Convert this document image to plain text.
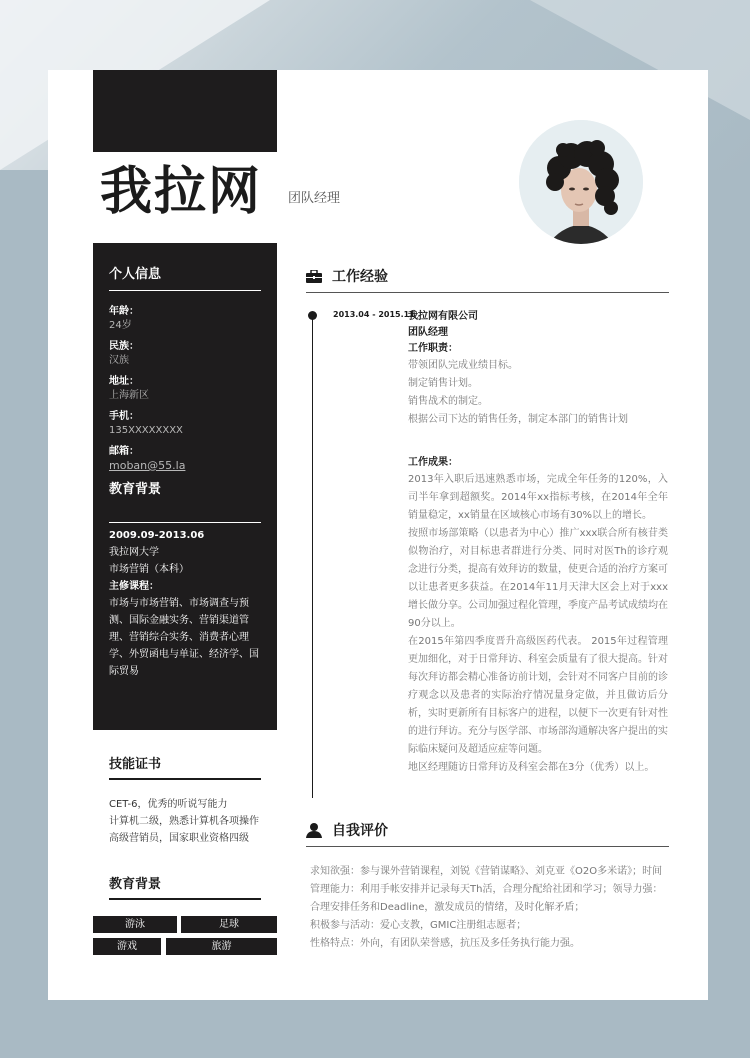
我拉网 团队经理
个人信息
年龄：
24岁
民族：
汉族
地址：
上海新区
手机：
135XXXXXXXX
邮箱：
moban@55.la
教育背景
2009.09-2013.06
我拉网大学
市场营销（本科）
主修课程：
市场与市场营销、市场调查与预测、国际金融实务、营销渠道管理、营销综合实务、消费者心理学、外贸函电与单证、经济学、国际贸易
技能证书
CET-6，优秀的听说写能力
计算机二级，熟悉计算机各项操作
高级营销员，国家职业资格四级
教育背景
游泳	足球
游戏	旅游
工作经验
2013.04 - 2015.11
我拉网有限公司
团队经理
工作职责：
带领团队完成业绩目标。
制定销售计划。
销售战术的制定。
根据公司下达的销售任务，制定本部门的销售计划
工作成果：
2013年入职后迅速熟悉市场，完成全年任务的120%，入司半年拿到超额奖。2014年xx指标考核，在2014年全年销量稳定，xx销量在区域核心市场有30%以上的增长。
按照市场部策略（以患者为中心）推广xxx联合所有核苷类似物治疗，对目标患者群进行分类、同时对医Th的诊疗观念进行分类，提高有效拜访的数量，使更合适的治疗方案可以让患者更多获益。在2014年11月天津大区会上对于xxx增长做分享。公司加强过程化管理，季度产品考试成绩均在 90分以上。
在2015年第四季度晋升高级医药代表。 2015年过程管理更加细化，对于日常拜访、科室会质量有了很大提高。针对每次拜访都会精心准备访前计划，会针对不同客户目前的诊疗观念以及患者的实际治疗情况量身定做，并且做访后分析，实时更新所有目标客户的进程，以便下一次更有针对性的进行拜访。充分与医学部、市场部沟通解决客户提出的实际临床疑问及超适应症等问题。
地区经理随访日常拜访及科室会都在3分（优秀）以上。
自我评价
求知欲强：参与课外营销课程，刘锐《营销谋略》、刘克亚《O2O多米诺》；时间管理能力：利用手帐安排并记录每天Th活，合理分配给社团和学习；领导力强：合理安排任务和Deadline，激发成员的情绪，及时化解矛盾；
积极参与活动：爱心支教，GMIC注册组志愿者；
性格特点：外向，有团队荣誉感，抗压及多任务执行能力强。
